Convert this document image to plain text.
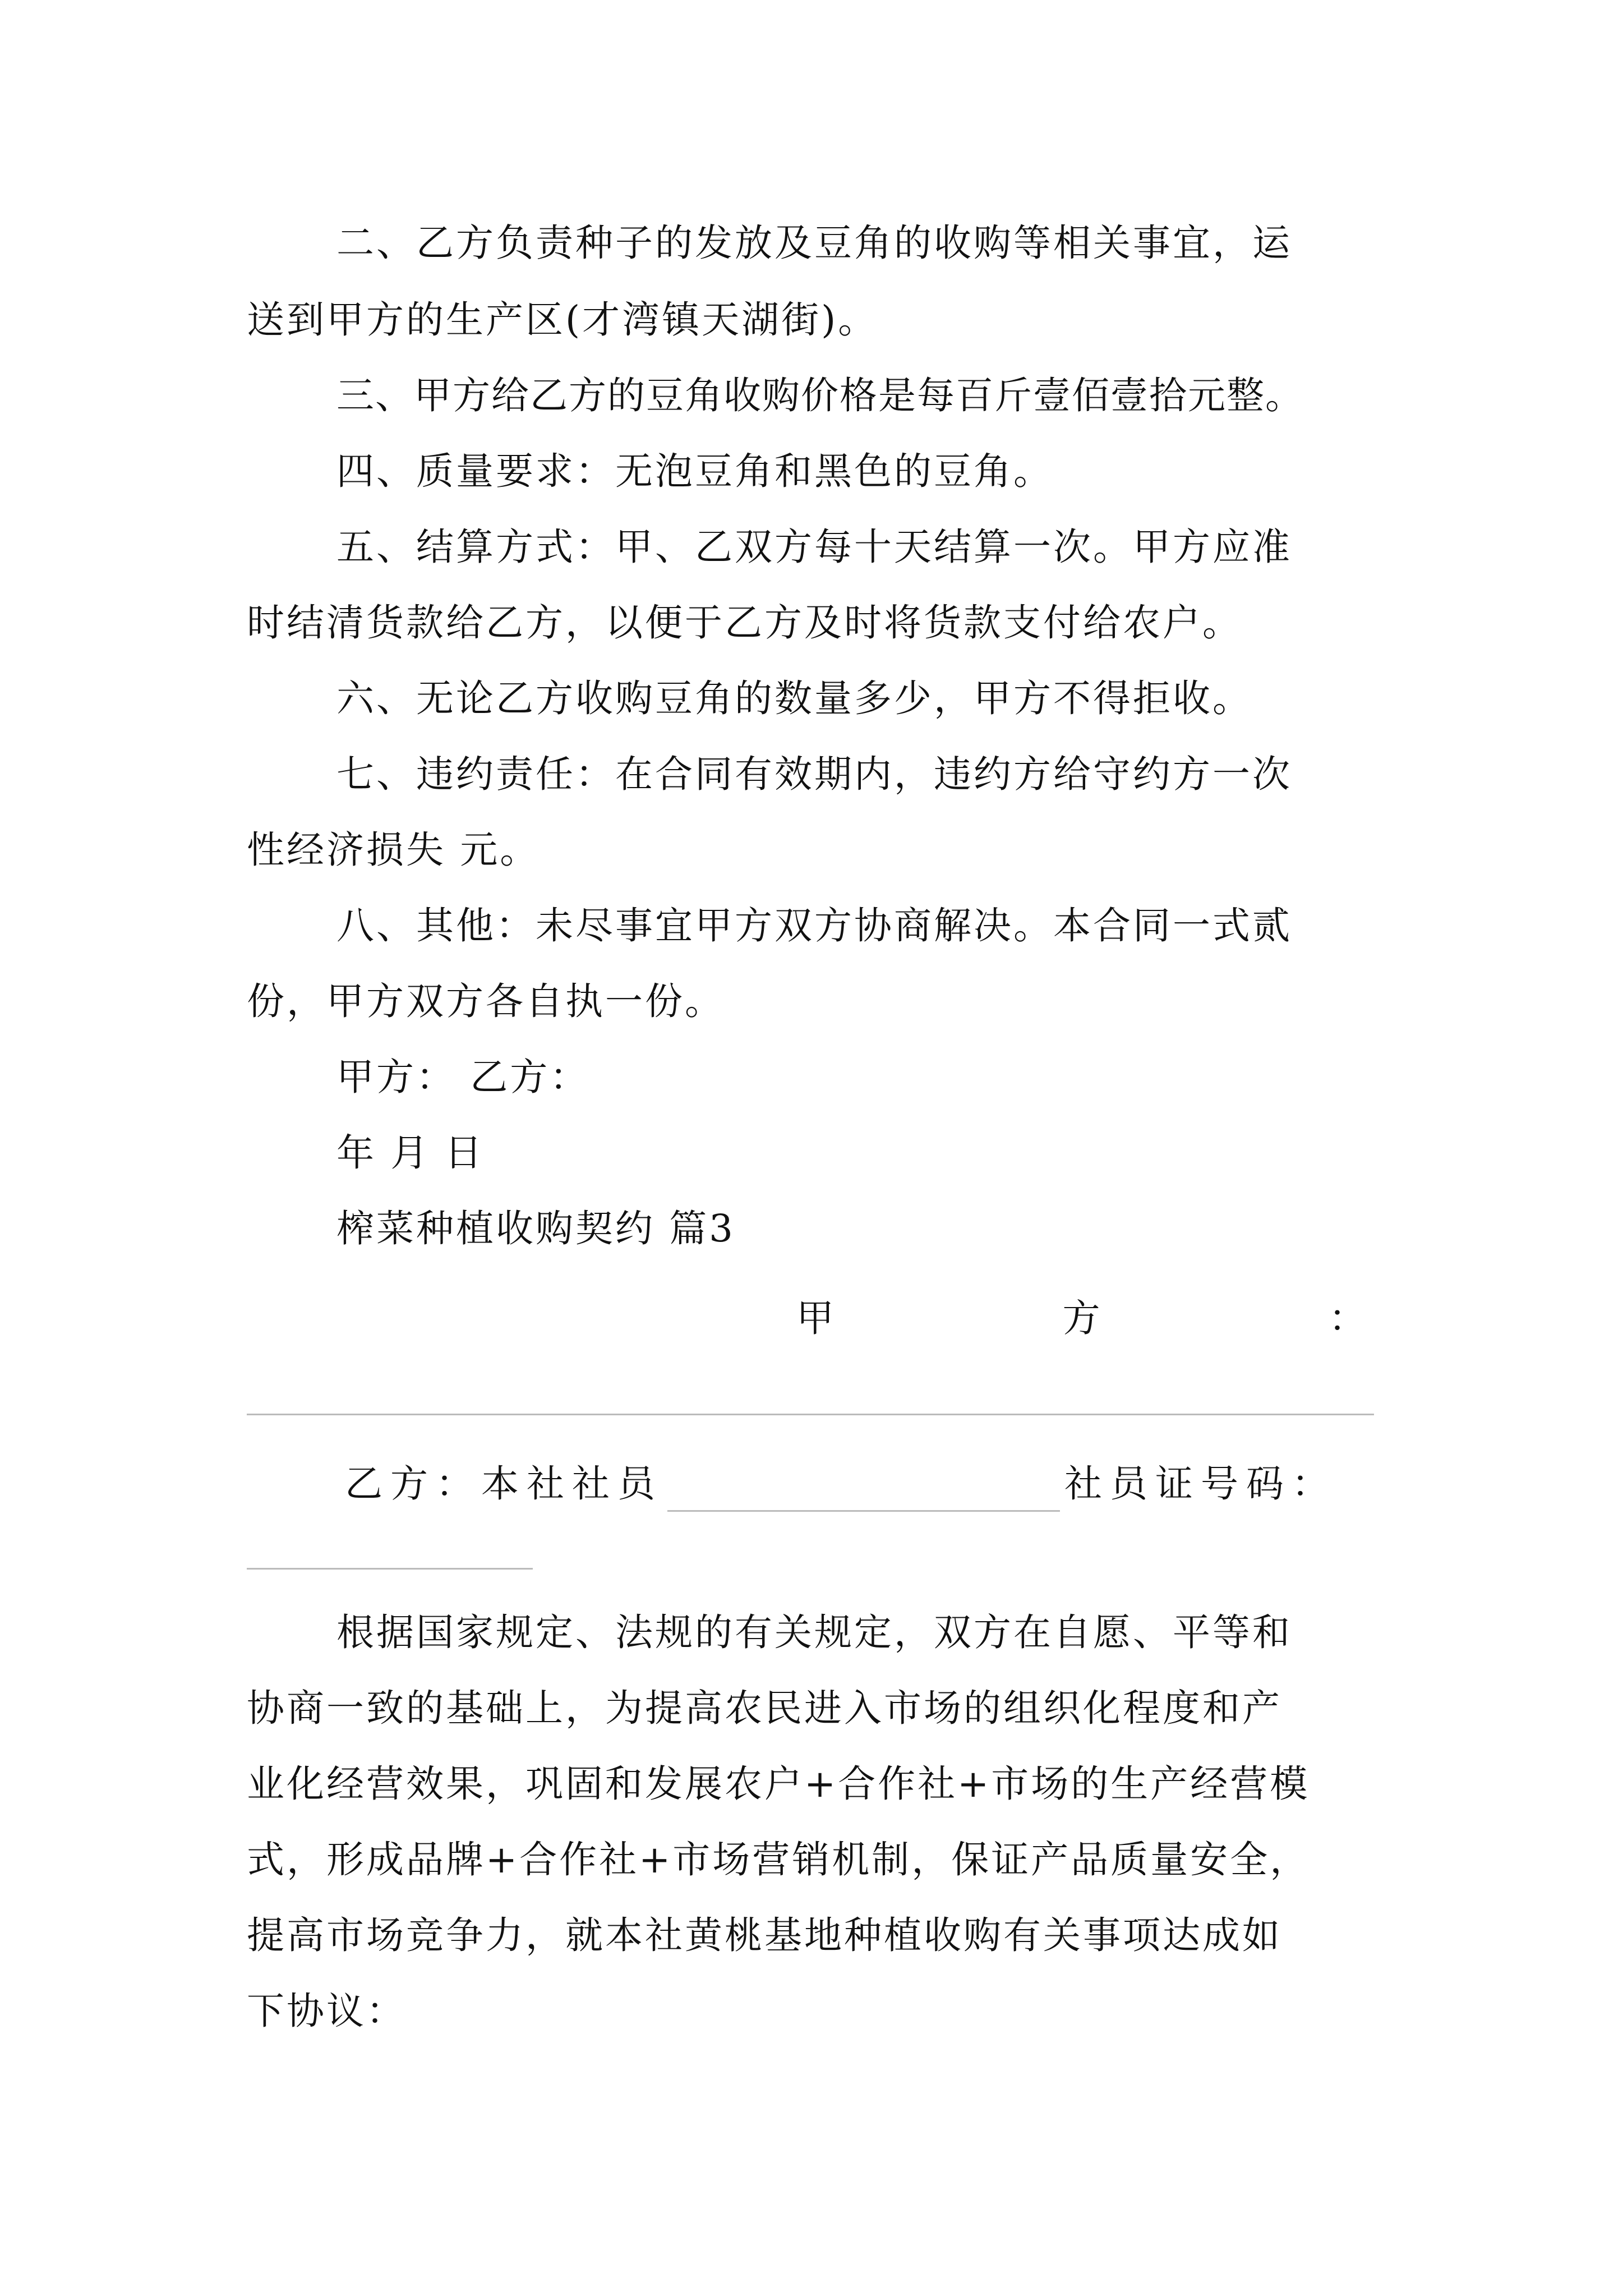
二、乙方负责种子的发放及豆角的收购等相关事宜，运
送到甲方的生产区(才湾镇天湖街)。
三、甲方给乙方的豆角收购价格是每百斤壹佰壹拾元整。
四、质量要求：无泡豆角和黑色的豆角。
五、结算方式：甲、乙双方每十天结算一次。甲方应准
时结清货款给乙方，以便于乙方及时将货款支付给农户。
六、无论乙方收购豆角的数量多少，甲方不得拒收。
七、违约责任：在合同有效期内，违约方给守约方一次
性经济损失 元。
八、其他：未尽事宜甲方双方协商解决。本合同一式贰
份，甲方双方各自执一份。
甲方： 乙方：
年 月 日
榨菜种植收购契约 篇3
甲	方	：
乙方：本社社员	社员证号码：
根据国家规定、法规的有关规定，双方在自愿、平等和
协商一致的基础上，为提高农民进入市场的组织化程度和产
业化经营效果，巩固和发展农户+合作社+市场的生产经营模
式，形成品牌+合作社+市场营销机制，保证产品质量安全，
提高市场竞争力，就本社黄桃基地种植收购有关事项达成如
下协议：
